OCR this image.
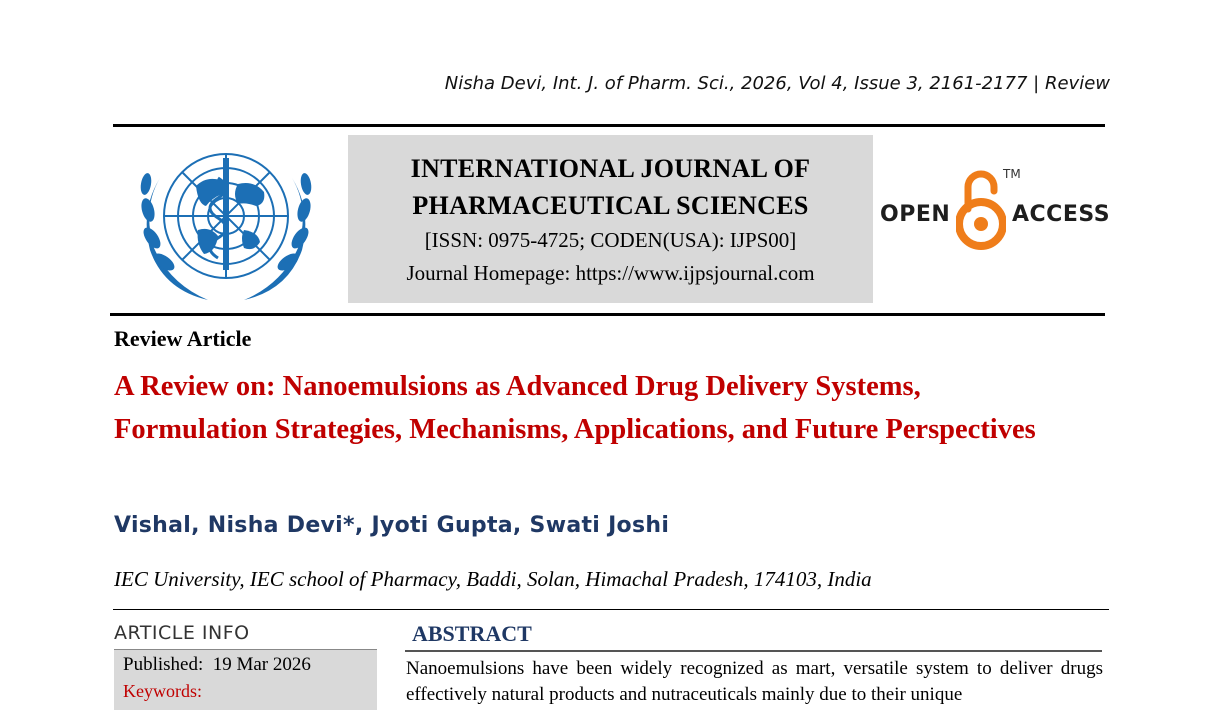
Nisha Devi, Int. J. of Pharm. Sci., 2026, Vol 4, Issue 3, 2161-2177 | Review
INTERNATIONAL JOURNAL OF
PHARMACEUTICAL SCIENCES
[ISSN: 0975-4725; CODEN(USA): IJPS00]
Journal Homepage: https://www.ijpsjournal.com
OPEN
TM
ACCESS
Review Article
A Review on: Nanoemulsions as Advanced Drug Delivery Systems, Formulation Strategies, Mechanisms, Applications, and Future Perspectives
Vishal, Nisha Devi*, Jyoti Gupta, Swati Joshi
IEC University, IEC school of Pharmacy, Baddi, Solan, Himachal Pradesh, 174103, India
ARTICLE INFO
Published: 19 Mar 2026
Keywords:
ABSTRACT
Nanoemulsions have been widely recognized as mart, versatile system to deliver drugs effectively natural products and nutraceuticals mainly due to their unique
